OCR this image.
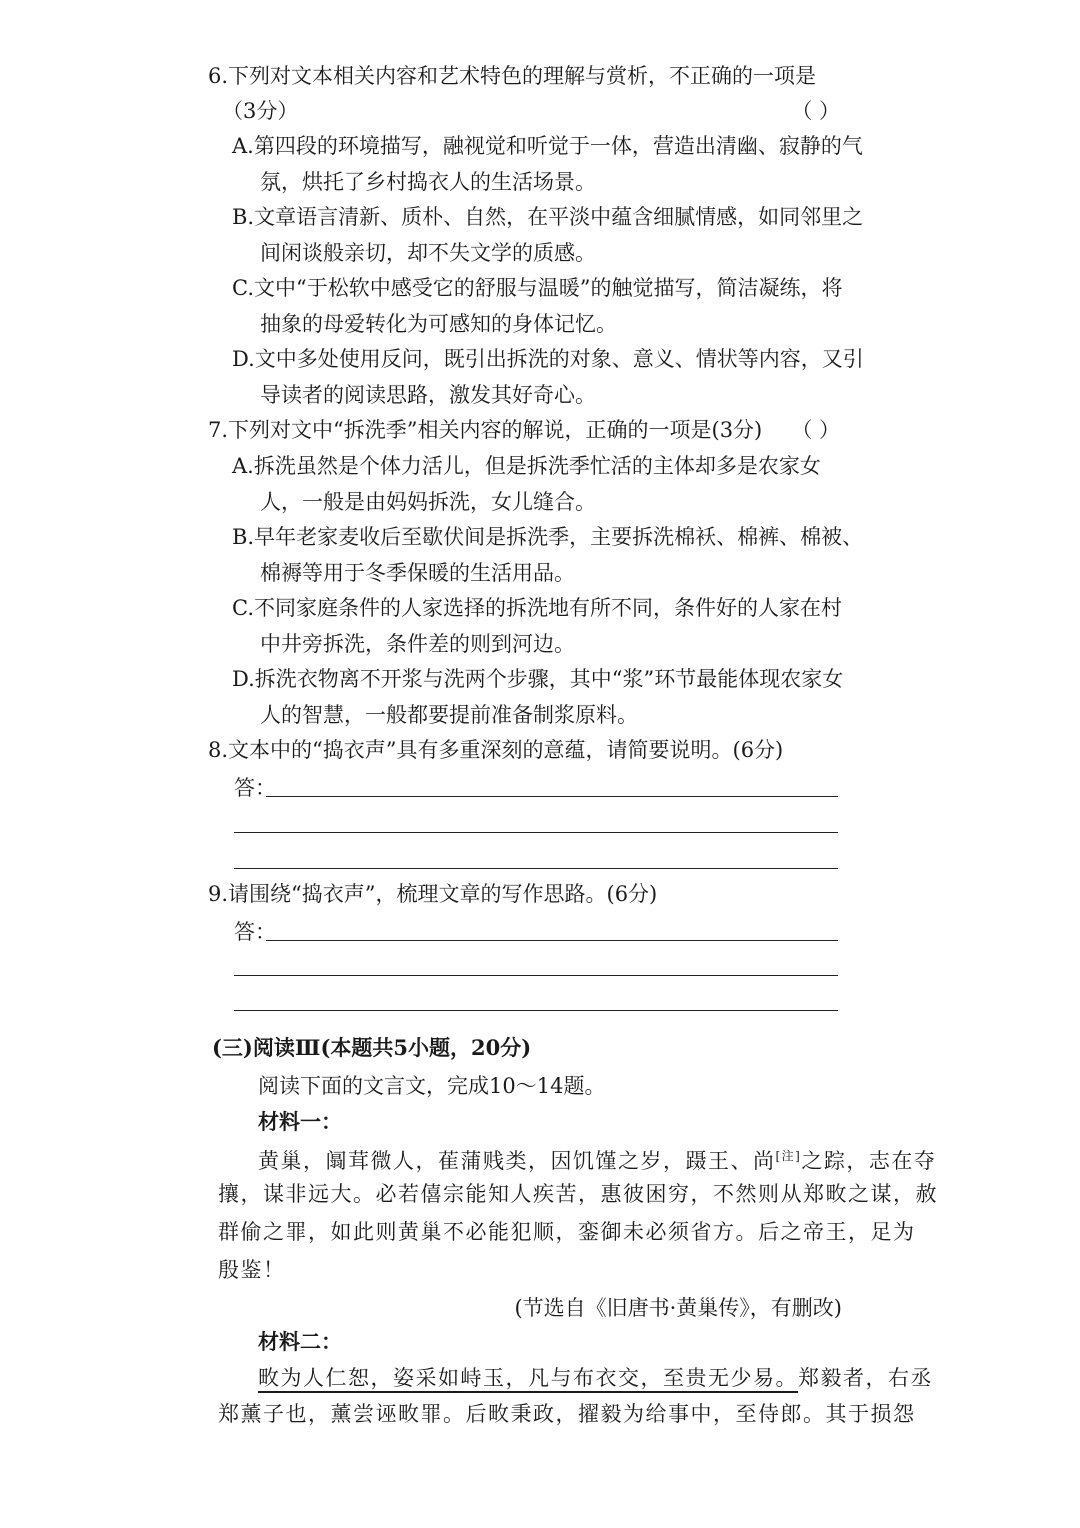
6.下列对文本相关内容和艺术特色的理解与赏析，不正确的一项是
（3分）	（ ）
A.第四段的环境描写，融视觉和听觉于一体，营造出清幽、寂静的气
氛，烘托了乡村捣衣人的生活场景。
B.文章语言清新、质朴、自然，在平淡中蕴含细腻情感，如同邻里之
间闲谈般亲切，却不失文学的质感。
C.文中“于松软中感受它的舒服与温暖”的触觉描写，简洁凝练，将
抽象的母爱转化为可感知的身体记忆。
D.文中多处使用反问，既引出拆洗的对象、意义、情状等内容，又引
导读者的阅读思路，激发其好奇心。
7.下列对文中“拆洗季”相关内容的解说，正确的一项是(3分)	（ ）
A.拆洗虽然是个体力活儿，但是拆洗季忙活的主体却多是农家女
人，一般是由妈妈拆洗，女儿缝合。
B.早年老家麦收后至歇伏间是拆洗季，主要拆洗棉袄、棉裤、棉被、
棉褥等用于冬季保暖的生活用品。
C.不同家庭条件的人家选择的拆洗地有所不同，条件好的人家在村
中井旁拆洗，条件差的则到河边。
D.拆洗衣物离不开浆与洗两个步骤，其中“浆”环节最能体现农家女
人的智慧，一般都要提前准备制浆原料。
8.文本中的“捣衣声”具有多重深刻的意蕴，请简要说明。(6分)
答：
9.请围绕“捣衣声”，梳理文章的写作思路。(6分)
答：
(三)阅读Ⅲ(本题共5小题，20分)
阅读下面的文言文，完成10～14题。
材料一：
黄巢，阘茸微人，萑蒲贱类，因饥馑之岁，蹑王、尚[注]之踪，志在夺
攘，谋非远大。必若僖宗能知人疾苦，惠彼困穷，不然则从郑畋之谋，赦
群偷之罪，如此则黄巢不必能犯顺，銮御未必须省方。后之帝王，足为
殷鉴！
(节选自《旧唐书·黄巢传》，有删改)
材料二：
畋为人仁恕，姿采如峙玉，凡与布衣交，至贵无少易。郑毅者，右丞
郑薰子也，薰尝诬畋罪。后畋秉政，擢毅为给事中，至侍郎。其于损怨
